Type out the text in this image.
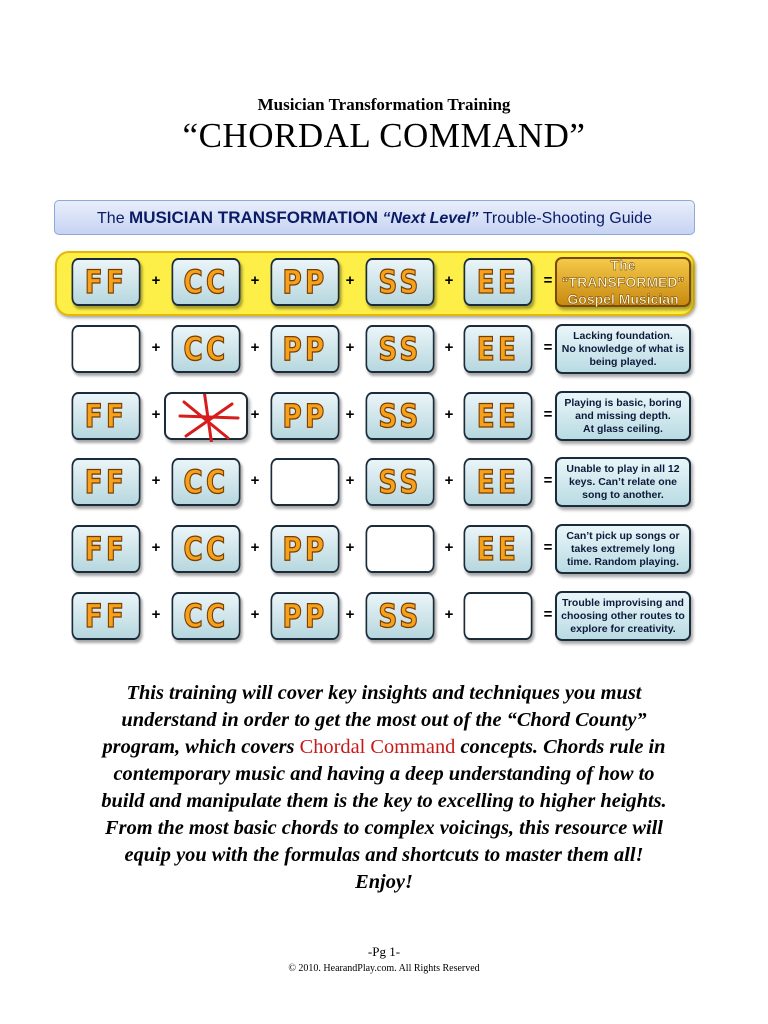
Musician Transformation Training
“CHORDAL COMMAND”
The MUSICIAN TRANSFORMATION “Next Level” Trouble-Shooting Guide
FF	+ CC	+ PP	+ SS	+ EE	=
The “TRANSFORMED”
Gospel Musician
+ CC	+ PP	+ SS	+ EE	=
Lacking foundation.
No knowledge of what is
being played.
FF	+	+ PP	+ SS	+ EE	=
Playing is basic, boring
and missing depth.
At glass ceiling.
FF	+ CC	+	+ SS	+ EE	=
Unable to play in all 12
keys. Can’t relate one
song to another.
FF	+ CC	+ PP	+	+ EE	=
Can’t pick up songs or
takes extremely long
time. Random playing.
FF	+ CC	+ PP	+ SS	+	=
Trouble improvising and
choosing other routes to
explore for creativity.
This training will cover key insights and techniques you must understand in order to get the most out of the “Chord County” program, which covers Chordal Command concepts. Chords rule in contemporary music and having a deep understanding of how to build and manipulate them is the key to excelling to higher heights. From the most basic chords to complex voicings, this resource will equip you with the formulas and shortcuts to master them all! Enjoy!
-Pg 1-
© 2010. HearandPlay.com. All Rights Reserved
